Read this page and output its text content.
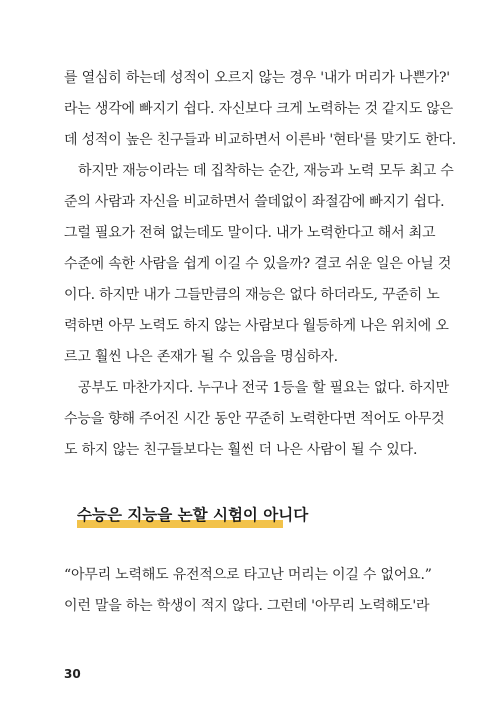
를 열심히 하는데 성적이 오르지 않는 경우 '내가 머리가 나쁜가?'
라는 생각에 빠지기 쉽다. 자신보다 크게 노력하는 것 같지도 않은
데 성적이 높은 친구들과 비교하면서 이른바 '현타'를 맞기도 한다.
하지만 재능이라는 데 집착하는 순간, 재능과 노력 모두 최고 수
준의 사람과 자신을 비교하면서 쓸데없이 좌절감에 빠지기 쉽다.
그럴 필요가 전혀 없는데도 말이다. 내가 노력한다고 해서 최고
수준에 속한 사람을 쉽게 이길 수 있을까? 결코 쉬운 일은 아닐 것
이다. 하지만 내가 그들만큼의 재능은 없다 하더라도, 꾸준히 노
력하면 아무 노력도 하지 않는 사람보다 월등하게 나은 위치에 오
르고 훨씬 나은 존재가 될 수 있음을 명심하자.
공부도 마찬가지다. 누구나 전국 1등을 할 필요는 없다. 하지만
수능을 향해 주어진 시간 동안 꾸준히 노력한다면 적어도 아무것
도 하지 않는 친구들보다는 훨씬 더 나은 사람이 될 수 있다.
수능은 지능을 논할 시험이 아니다
“아무리 노력해도 유전적으로 타고난 머리는 이길 수 없어요.”
이런 말을 하는 학생이 적지 않다. 그런데 '아무리 노력해도'라
30
